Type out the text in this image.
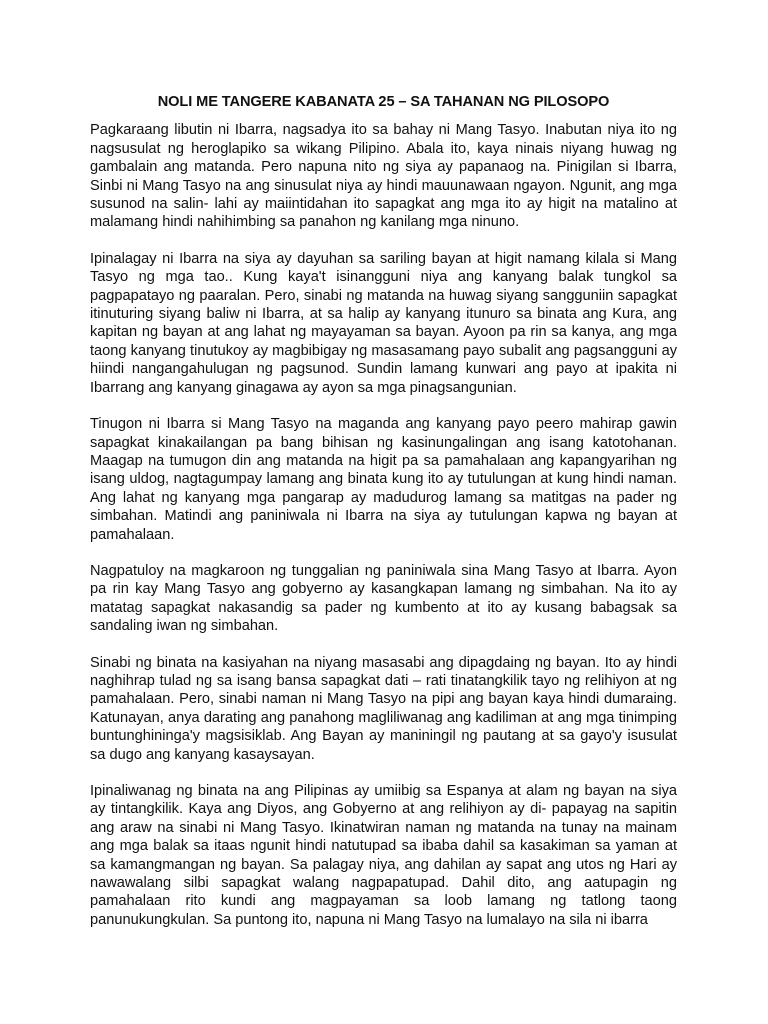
NOLI ME TANGERE KABANATA 25 – SA TAHANAN NG PILOSOPO

Pagkaraang libutin ni Ibarra, nagsadya ito sa bahay ni Mang Tasyo. Inabutan niya ito ng nagsusulat ng heroglapiko sa wikang Pilipino. Abala ito, kaya ninais niyang huwag ng gambalain ang matanda. Pero napuna nito ng siya ay papanaog na. Pinigilan si Ibarra, Sinbi ni Mang Tasyo na ang sinusulat niya ay hindi mauunawaan ngayon. Ngunit, ang mga susunod na salin- lahi ay maiintidahan ito sapagkat ang mga ito ay higit na matalino at malamang hindi nahihimbing sa panahon ng kanilang mga ninuno.

Ipinalagay ni Ibarra na siya ay dayuhan sa sariling bayan at higit namang kilala si Mang Tasyo ng mga tao.. Kung kaya't isinangguni niya ang kanyang balak tungkol sa pagpapatayo ng paaralan. Pero, sinabi ng matanda na huwag siyang sangguniin sapagkat itinuturing siyang baliw ni Ibarra, at sa halip ay kanyang itunuro sa binata ang Kura, ang kapitan ng bayan at ang lahat ng mayayaman sa bayan. Ayoon pa rin sa kanya, ang mga taong kanyang tinutukoy ay magbibigay ng masasamang payo subalit ang pagsangguni ay hiindi nangangahulugan ng pagsunod. Sundin lamang kunwari ang payo at ipakita ni Ibarrang ang kanyang ginagawa ay ayon sa mga pinagsangunian.

Tinugon ni Ibarra si Mang Tasyo na maganda ang kanyang payo peero mahirap gawin sapagkat kinakailangan pa bang bihisan ng kasinungalingan ang isang katotohanan. Maagap na tumugon din ang matanda na higit pa sa pamahalaan ang kapangyarihan ng isang uldog, nagtagumpay lamang ang binata kung ito ay tutulungan at kung hindi naman. Ang lahat ng kanyang mga pangarap ay madudurog lamang sa matitgas na pader ng simbahan. Matindi ang paniniwala ni Ibarra na siya ay tutulungan kapwa ng bayan at pamahalaan.

Nagpatuloy na magkaroon ng tunggalian ng paniniwala sina Mang Tasyo at Ibarra. Ayon pa rin kay Mang Tasyo ang gobyerno ay kasangkapan lamang ng simbahan. Na ito ay matatag sapagkat nakasandig sa pader ng kumbento at ito ay kusang babagsak sa sandaling iwan ng simbahan.

Sinabi ng binata na kasiyahan na niyang masasabi ang dipagdaing ng bayan. Ito ay hindi naghihrap tulad ng sa isang bansa sapagkat dati – rati tinatangkilik tayo ng relihiyon at ng pamahalaan. Pero, sinabi naman ni Mang Tasyo na pipi ang bayan kaya hindi dumaraing. Katunayan, anya darating ang panahong magliliwanag ang kadiliman at ang mga tinimping buntunghiningа'y magsisiklab. Ang Bayan ay maniningil ng pautang at sa gayo'y isusulat sa dugo ang kanyang kasaysayan.

Ipinaliwanag ng binata na ang Pilipinas ay umiibig sa Espanya at alam ng bayan na siya ay tintangkilik. Kaya ang Diyos, ang Gobyerno at ang relihiyon ay di- papayag na sapitin ang araw na sinabi ni Mang Tasyo. Ikinatwiran naman ng matanda na tunay na mainam ang mga balak sa itaas ngunit hindi natutupad sa ibaba dahil sa kasakiman sa yaman at sa kamangmangan ng bayan. Sa palagay niya, ang dahilan ay sapat ang utos ng Hari ay nawawalang silbi sapagkat walang nagpapatupad. Dahil dito, ang aatupagin ng pamahalaan rito kundi ang magpayaman sa loob lamang ng tatlong taong panunukungkulan. Sa puntong ito, napuna ni Mang Tasyo na lumalayo na sila ni ibarra
